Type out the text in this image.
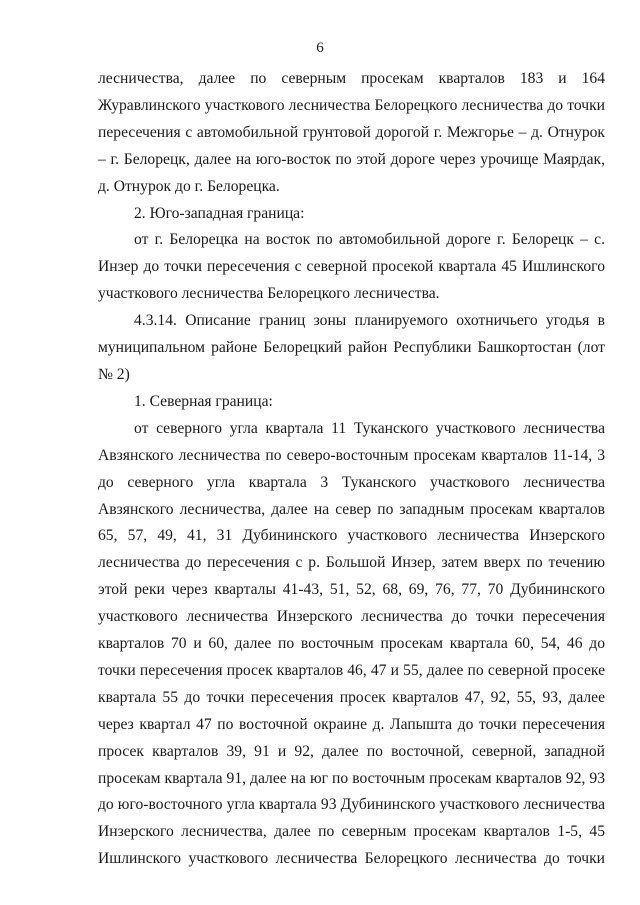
6

лесничества, далее по северным просекам кварталов 183 и 164 Журавлинского участкового лесничества Белорецкого лесничества до точки пересечения с автомобильной грунтовой дорогой г. Межгорье – д. Отнурок – г. Белорецк, далее на юго-восток по этой дороге через урочище Маярдак, д. Отнурок до г. Белорецка.

2. Юго-западная граница:

от г. Белорецка на восток по автомобильной дороге г. Белорецк – с. Инзер до точки пересечения с северной просекой квартала 45 Ишлинского участкового лесничества Белорецкого лесничества.

4.3.14. Описание границ зоны планируемого охотничьего угодья в муниципальном районе Белорецкий район Республики Башкортостан (лот № 2)

1. Северная граница:

от северного угла квартала 11 Туканского участкового лесничества Авзянского лесничества по северо-восточным просекам кварталов 11-14, 3 до северного угла квартала 3 Туканского участкового лесничества Авзянского лесничества, далее на север по западным просекам кварталов 65, 57, 49, 41, 31 Дубининского участкового лесничества Инзерского лесничества до пересечения с р. Большой Инзер, затем вверх по течению этой реки через кварталы 41-43, 51, 52, 68, 69, 76, 77, 70 Дубининского участкового лесничества Инзерского лесничества до точки пересечения кварталов 70 и 60, далее по восточным просекам квартала 60, 54, 46 до точки пересечения просек кварталов 46, 47 и 55, далее по северной просеке квартала 55 до точки пересечения просек кварталов 47, 92, 55, 93, далее через квартал 47 по восточной окраине д. Лапышта до точки пересечения просек кварталов 39, 91 и 92, далее по восточной, северной, западной просекам квартала 91, далее на юг по восточным просекам кварталов 92, 93 до юго-восточного угла квартала 93 Дубининского участкового лесничества Инзерского лесничества, далее по северным просекам кварталов 1-5, 45 Ишлинского участкового лесничества Белорецкого лесничества до точки
